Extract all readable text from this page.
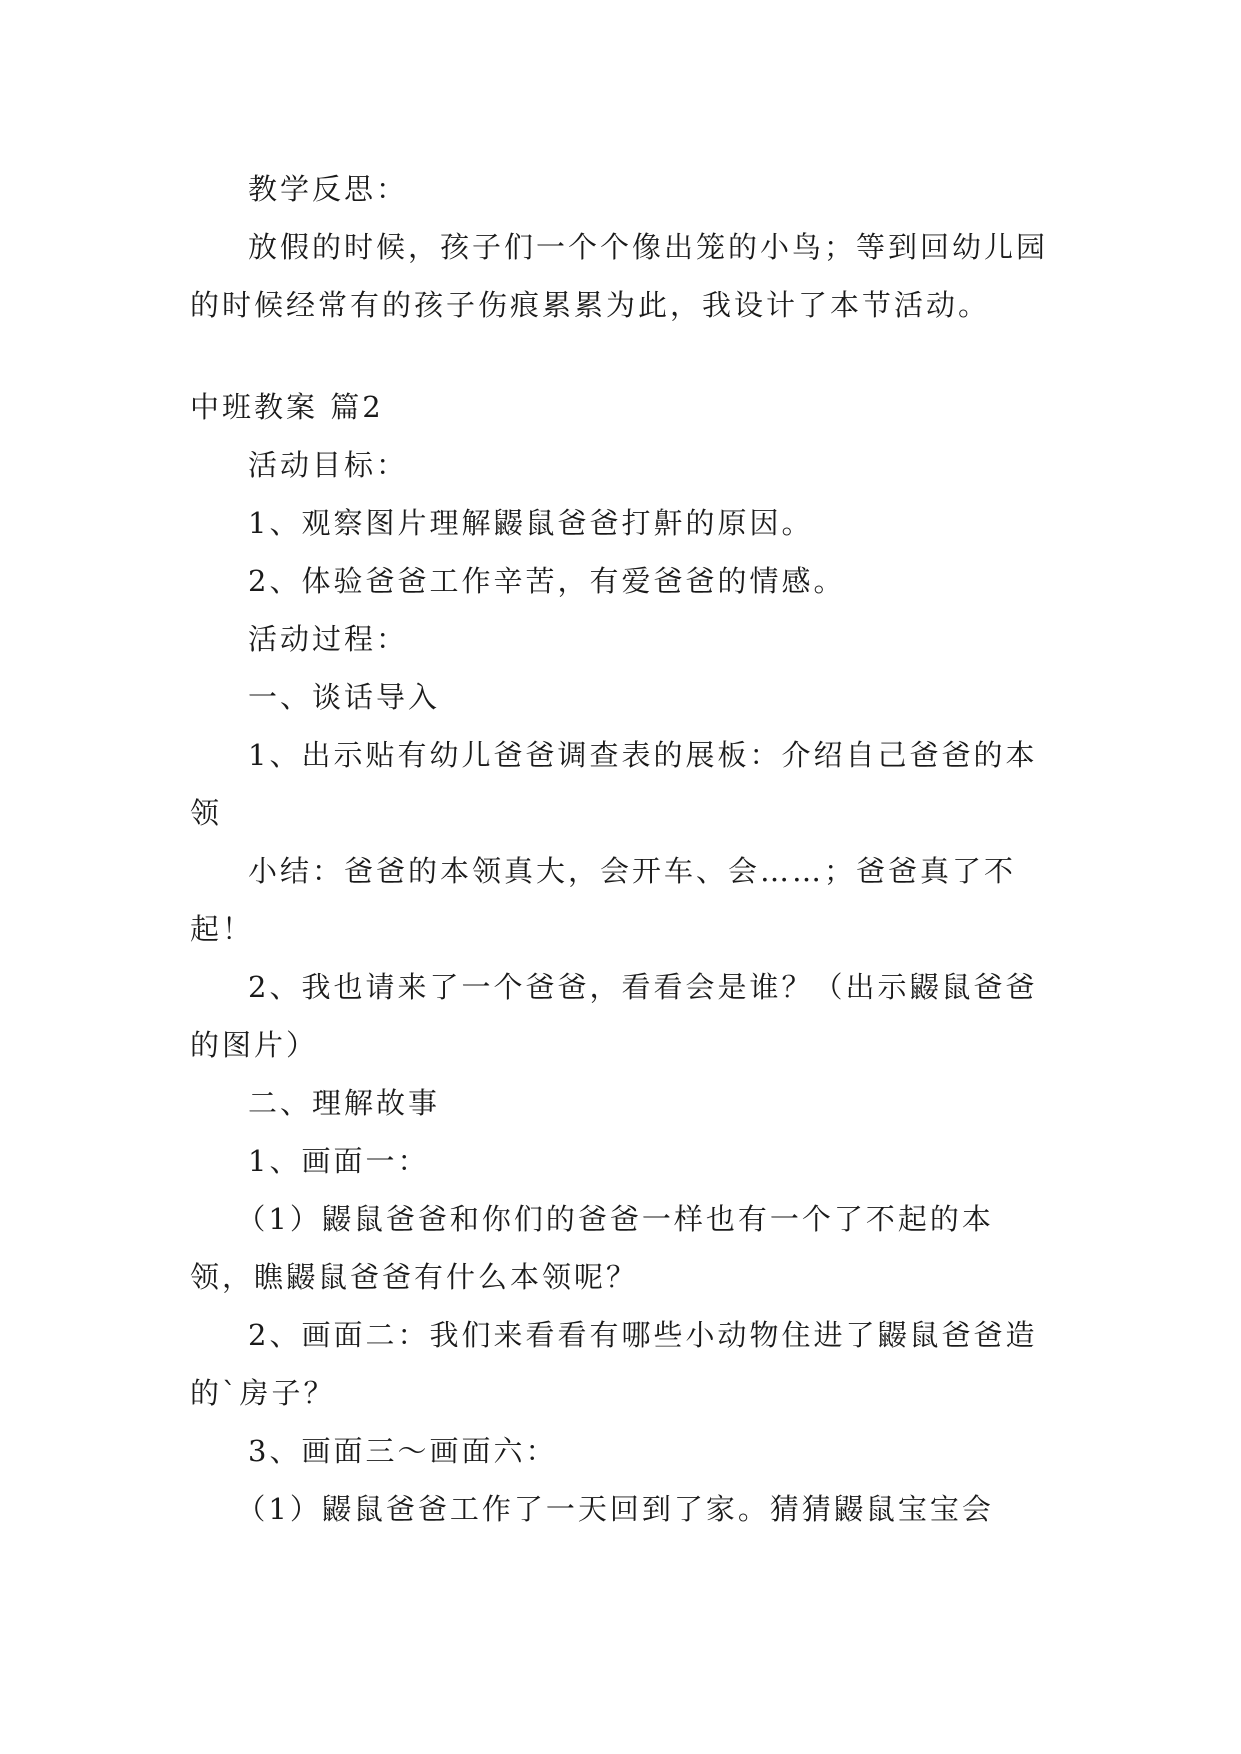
教学反思：

放假的时候，孩子们一个个像出笼的小鸟；等到回幼儿园的时候经常有的孩子伤痕累累为此，我设计了本节活动。

中班教案 篇2

活动目标：

1、观察图片理解鼹鼠爸爸打鼾的原因。

2、体验爸爸工作辛苦，有爱爸爸的情感。

活动过程：

一、谈话导入

1、出示贴有幼儿爸爸调查表的展板：介绍自己爸爸的本领

小结：爸爸的本领真大，会开车、会……；爸爸真了不起！

2、我也请来了一个爸爸，看看会是谁？（出示鼹鼠爸爸的图片）

二、理解故事

1、画面一：

（1）鼹鼠爸爸和你们的爸爸一样也有一个了不起的本领，瞧鼹鼠爸爸有什么本领呢？

2、画面二：我们来看看有哪些小动物住进了鼹鼠爸爸造的`房子？

3、画面三～画面六：

（1）鼹鼠爸爸工作了一天回到了家。猜猜鼹鼠宝宝会
